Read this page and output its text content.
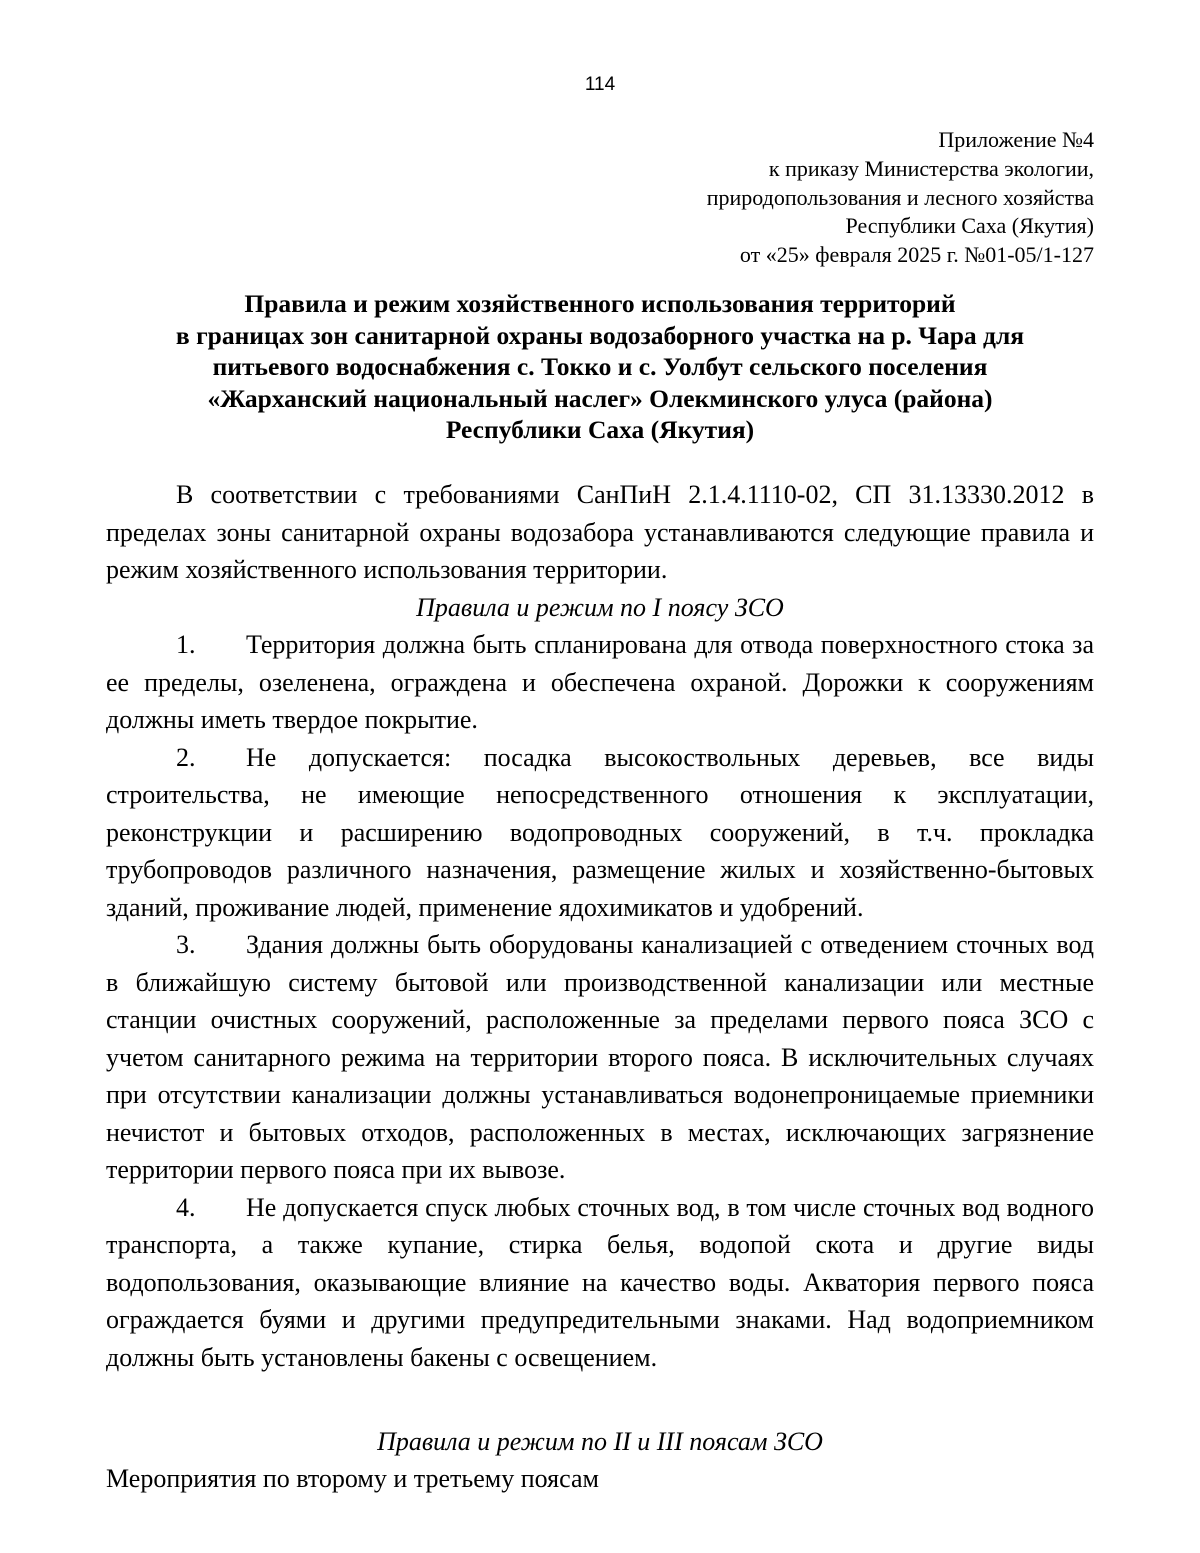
114
Приложение №4
к приказу Министерства экологии,
природопользования и лесного хозяйства
Республики Саха (Якутия)
от «25» февраля 2025 г. №01-05/1-127
Правила и режим хозяйственного использования территорий
в границах зон санитарной охраны водозаборного участка на р. Чара для
питьевого водоснабжения с. Токко и с. Уолбут сельского поселения
«Жарханский национальный наслег» Олекминского улуса (района)
Республики Саха (Якутия)

В соответствии с требованиями СанПиН 2.1.4.1110-02, СП 31.13330.2012 в пределах зоны санитарной охраны водозабора устанавливаются следующие правила и режим хозяйственного использования территории.

Правила и режим по I поясу ЗСО

1. Территория должна быть спланирована для отвода поверхностного стока за ее пределы, озеленена, ограждена и обеспечена охраной. Дорожки к сооружениям должны иметь твердое покрытие.

2. Не допускается: посадка высокоствольных деревьев, все виды строительства, не имеющие непосредственного отношения к эксплуатации, реконструкции и расширению водопроводных сооружений, в т.ч. прокладка трубопроводов различного назначения, размещение жилых и хозяйственно-бытовых зданий, проживание людей, применение ядохимикатов и удобрений.

3. Здания должны быть оборудованы канализацией с отведением сточных вод в ближайшую систему бытовой или производственной канализации или местные станции очистных сооружений, расположенные за пределами первого пояса ЗСО с учетом санитарного режима на территории второго пояса. В исключительных случаях при отсутствии канализации должны устанавливаться водонепроницаемые приемники нечистот и бытовых отходов, расположенных в местах, исключающих загрязнение территории первого пояса при их вывозе.

4. Не допускается спуск любых сточных вод, в том числе сточных вод водного транспорта, а также купание, стирка белья, водопой скота и другие виды водопользования, оказывающие влияние на качество воды. Акватория первого пояса ограждается буями и другими предупредительными знаками. Над водоприемником должны быть установлены бакены с освещением.

Правила и режим по II и III поясам ЗСО

Мероприятия по второму и третьему поясам
